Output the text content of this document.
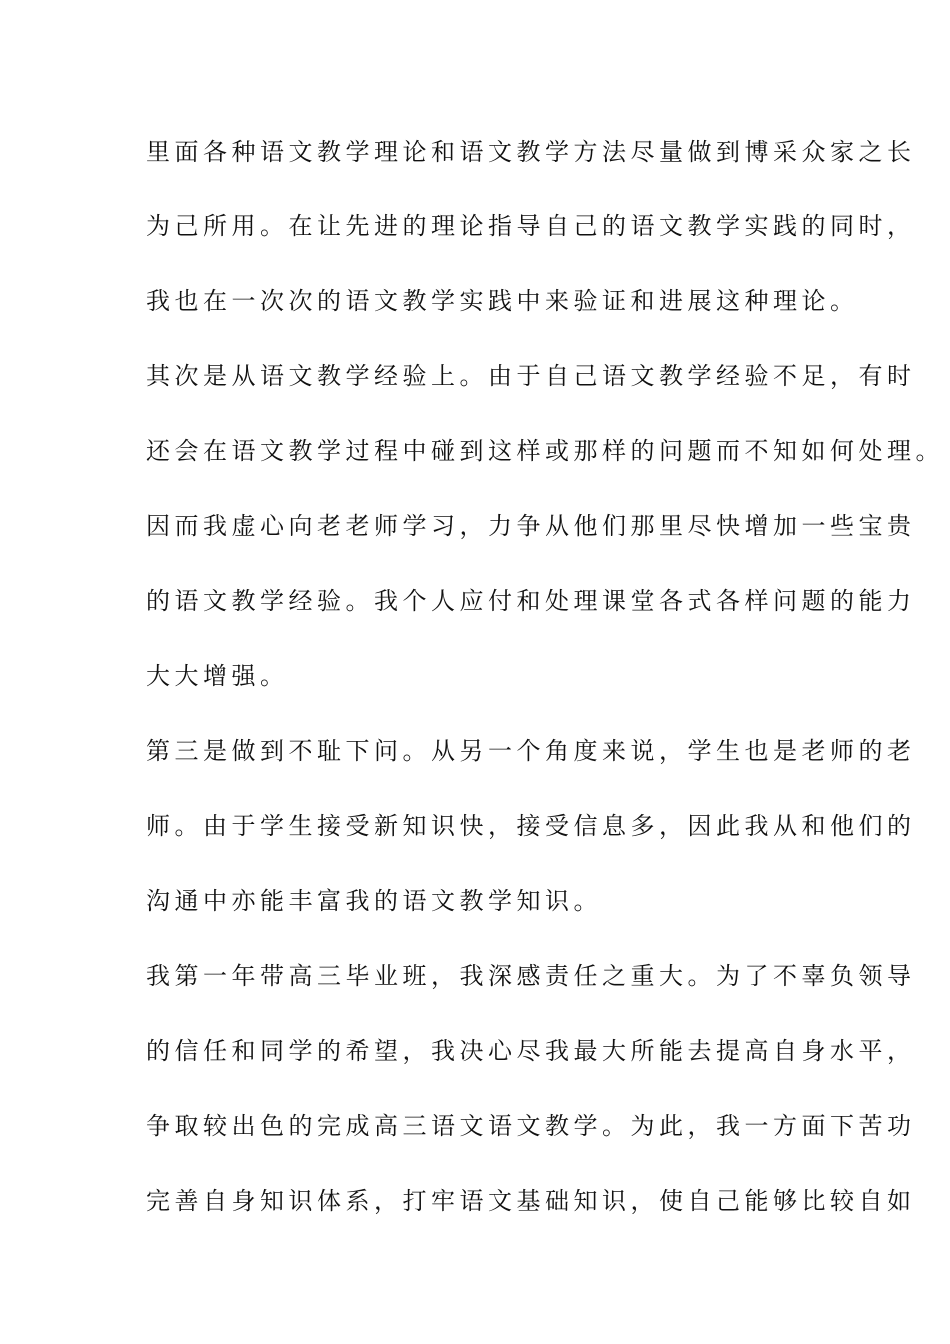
里面各种语文教学理论和语文教学方法尽量做到博采众家之长
为己所用。在让先进的理论指导自己的语文教学实践的同时，
我也在一次次的语文教学实践中来验证和进展这种理论。
其次是从语文教学经验上。由于自己语文教学经验不足，有时
还会在语文教学过程中碰到这样或那样的问题而不知如何处理。
因而我虚心向老老师学习，力争从他们那里尽快增加一些宝贵
的语文教学经验。我个人应付和处理课堂各式各样问题的能力
大大增强。
第三是做到不耻下问。从另一个角度来说，学生也是老师的老
师。由于学生接受新知识快，接受信息多，因此我从和他们的
沟通中亦能丰富我的语文教学知识。
我第一年带高三毕业班，我深感责任之重大。为了不辜负领导
的信任和同学的希望，我决心尽我最大所能去提高自身水平，
争取较出色的完成高三语文语文教学。为此，我一方面下苦功
完善自身知识体系，打牢语文基础知识，使自己能够比较自如
